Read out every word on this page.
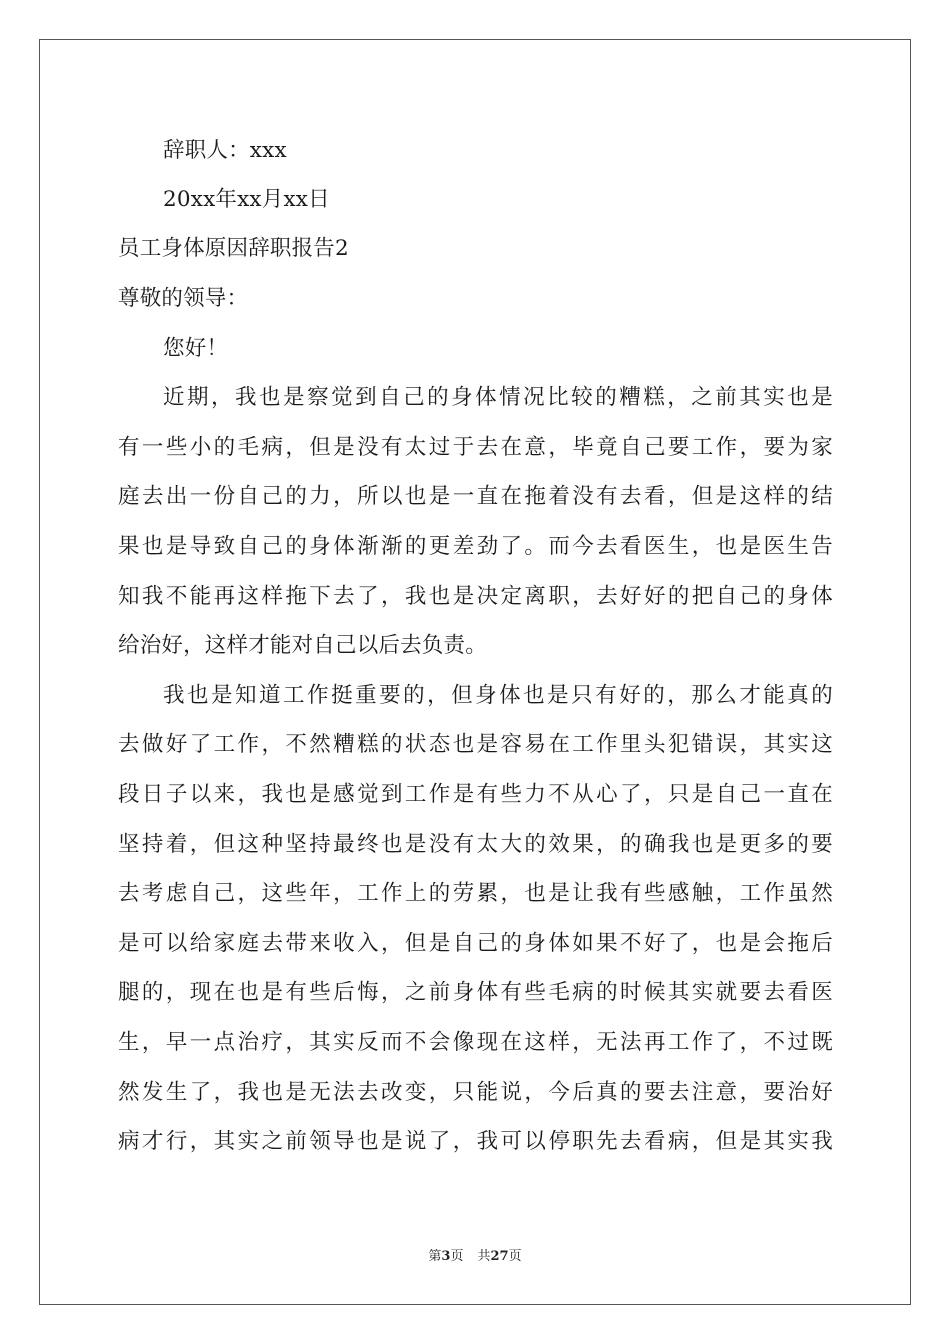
辞职人：xxx
20xx年xx月xx日
员工身体原因辞职报告2
尊敬的领导：
您好！
近期，我也是察觉到自己的身体情况比较的糟糕，之前其实也是
有一些小的毛病，但是没有太过于去在意，毕竟自己要工作，要为家
庭去出一份自己的力，所以也是一直在拖着没有去看，但是这样的结
果也是导致自己的身体渐渐的更差劲了。而今去看医生，也是医生告
知我不能再这样拖下去了，我也是决定离职，去好好的把自己的身体
给治好，这样才能对自己以后去负责。
我也是知道工作挺重要的，但身体也是只有好的，那么才能真的
去做好了工作，不然糟糕的状态也是容易在工作里头犯错误，其实这
段日子以来，我也是感觉到工作是有些力不从心了，只是自己一直在
坚持着，但这种坚持最终也是没有太大的效果，的确我也是更多的要
去考虑自己，这些年，工作上的劳累，也是让我有些感触，工作虽然
是可以给家庭去带来收入，但是自己的身体如果不好了，也是会拖后
腿的，现在也是有些后悔，之前身体有些毛病的时候其实就要去看医
生，早一点治疗，其实反而不会像现在这样，无法再工作了，不过既
然发生了，我也是无法去改变，只能说，今后真的要去注意，要治好
病才行，其实之前领导也是说了，我可以停职先去看病，但是其实我
第3页 共27页
